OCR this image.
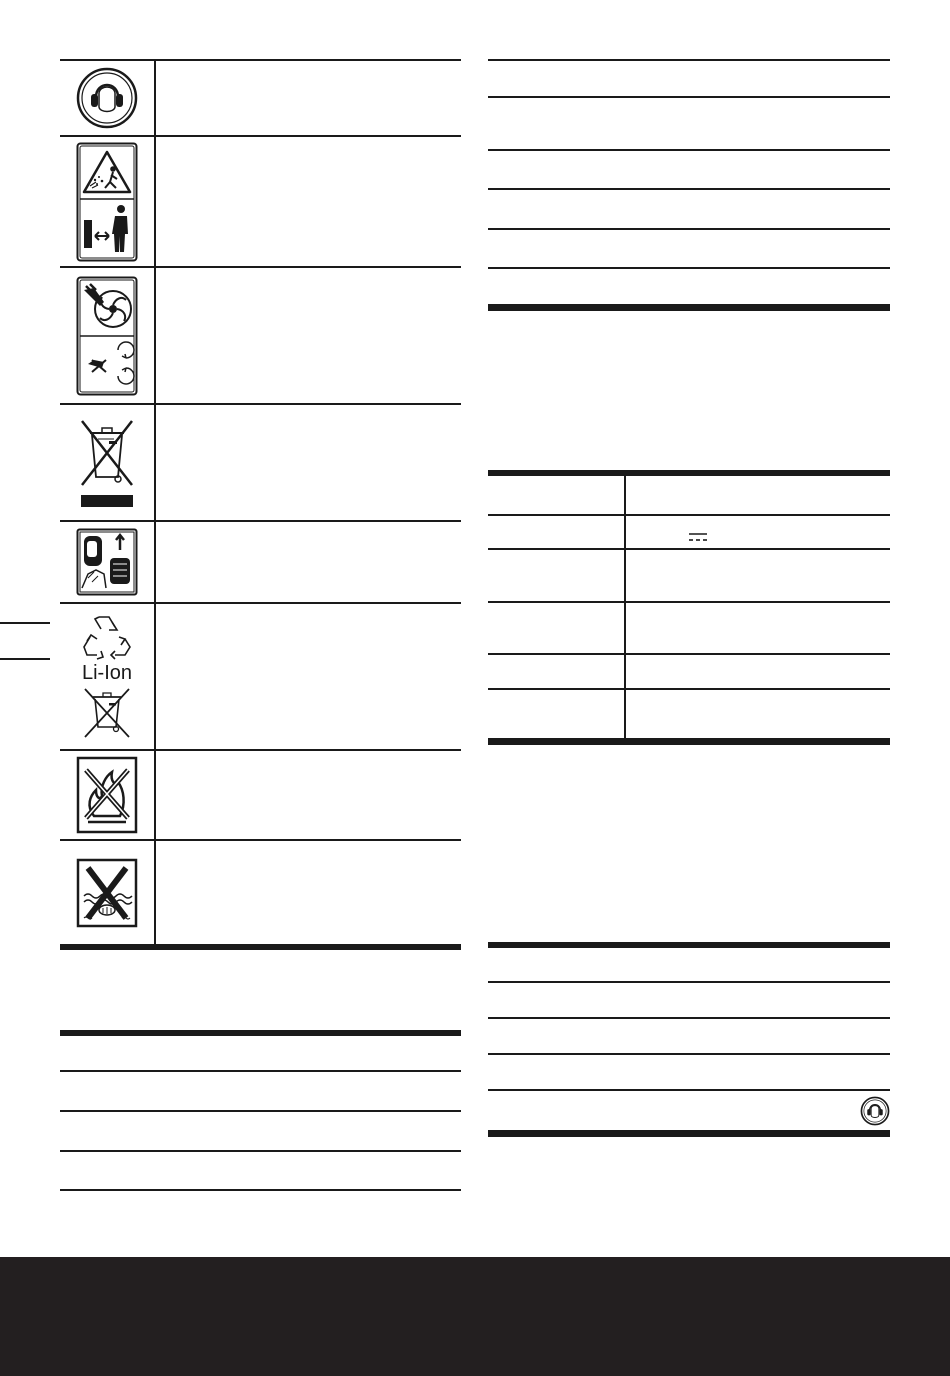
Li-Ion
